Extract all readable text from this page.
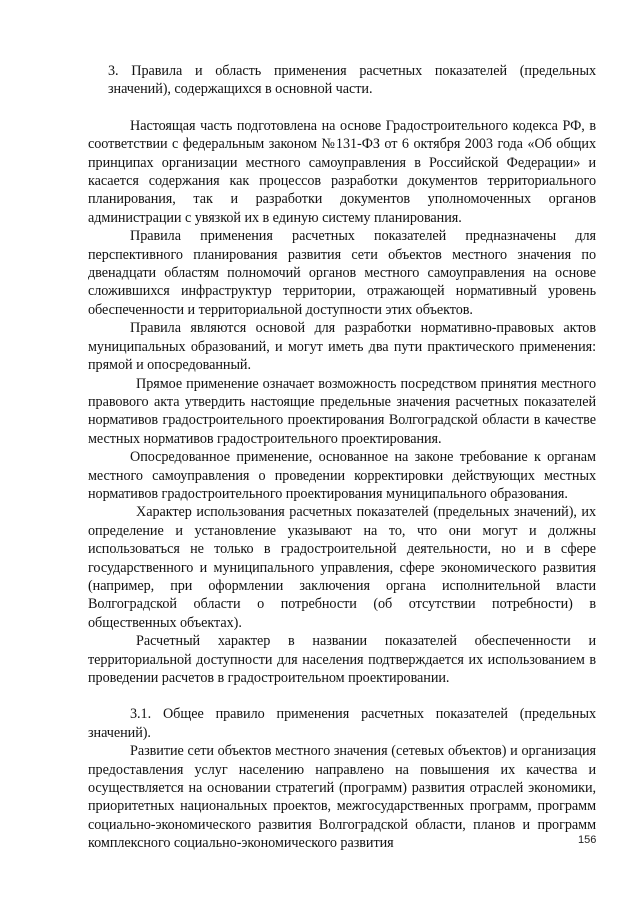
3. Правила и область применения расчетных показателей (предельных значений), содержащихся в основной части.

Настоящая часть подготовлена на основе Градостроительного кодекса РФ, в соответствии с федеральным законом №131-ФЗ от 6 октября 2003 года «Об общих принципах организации местного самоуправления в Российской Федерации» и касается содержания как процессов разработки документов территориального планирования, так и разработки документов уполномоченных органов администрации с увязкой их в единую систему планирования.

Правила применения расчетных показателей предназначены для перспективного планирования развития сети объектов местного значения по двенадцати областям полномочий органов местного самоуправления на основе сложившихся инфраструктур территории, отражающей нормативный уровень обеспеченности и территориальной доступности этих объектов.

Правила являются основой для разработки нормативно-правовых актов муниципальных образований, и могут иметь два пути практического применения: прямой и опосредованный.

Прямое применение означает возможность посредством принятия местного правового акта утвердить настоящие предельные значения расчетных показателей нормативов градостроительного проектирования Волгоградской области в качестве местных нормативов градостроительного проектирования.

Опосредованное применение, основанное на законе требование к органам местного самоуправления о проведении корректировки действующих местных нормативов градостроительного проектирования муниципального образования.

Характер использования расчетных показателей (предельных значений), их определение и установление указывают на то, что они могут и должны использоваться не только в градостроительной деятельности, но и в сфере государственного и муниципального управления, сфере экономического развития (например, при оформлении заключения органа исполнительной власти Волгоградской области о потребности (об отсутствии потребности) в общественных объектах).

Расчетный характер в названии показателей обеспеченности и территориальной доступности для населения подтверждается их использованием в проведении расчетов в градостроительном проектировании.

3.1. Общее правило применения расчетных показателей (предельных значений).

Развитие сети объектов местного значения (сетевых объектов) и организация предоставления услуг населению направлено на повышения их качества и осуществляется на основании стратегий (программ) развития отраслей экономики, приоритетных национальных проектов, межгосударственных программ, программ социально-экономического развития Волгоградской области, планов и программ комплексного социально-экономического развития	156
